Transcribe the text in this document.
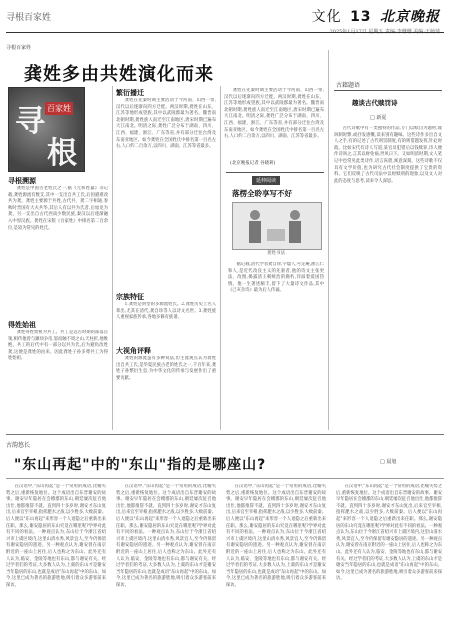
寻根百家姓	文化 13 北京晚报
2025年1月17日 星期五 责编:李珊珊 美编:王萌琦
龚姓多由共姓演化而来
寻根百家姓
寻 百家姓
根
寻根溯源

龚姓是中国古老姓氏之一,据《元和姓纂》等记载,龚姓源流有数支,其中一支出自共工氏,后因避难改共为龚。龚姓主要源于共姓,古代共、龚二字相通,春秋时晋国有大夫共华,其后人有以共为氏者,后加龙为龚。另一支出自古代西南少数民族,秦汉以后逐渐融入中原汉族。龚姓在宋版《百家姓》中排名第二百余位,是较为常见的姓氏。

得姓始祖

龚姓得姓始祖为共工。共工是远古时期的部落首领,相传他曾与颛顼争帝,怒而触不周之山,天柱折,地维绝。共工的后代中有一部分以共为氏,后为避仇改姓龚,这便是龚姓的由来。因此龚姓子孙多尊共工为得姓始祖。

繁衍播迁

龚姓在先秦时期主要活动于今河南、山西一带,汉代以后逐渐向四方迁徙。两汉时期,龚姓在山东、江苏等地形成望族,其中以武陵郡最为著名。魏晋南北朝时期,龚姓族人南迁至江南地区,唐宋时期已遍布大江南北。明清之际,龚姓广泛分布于湖南、四川、江西、福建、浙江、广东等省,并有部分迁往台湾及东南亚地区。如今龚姓在全国姓氏中排名第一百名左右,人口约二百余万,以四川、湖南、江苏等省最多。

宗族特征

1.龚姓是典型的多源流姓氏。2.龚姓历史上名人辈出,尤其在清代,龚自珍等人以诗文名世。3.龚姓族人重视家族传承,各地多修有族谱。

大视角评释

龚姓的源流虽有多种说法,但主流观点认为龚姓出自共工氏,是华夏民族古老的姓氏之一,千百年来,龚姓子孙繁衍生息,为中华文化的传承与发展作出了重要贡献。

龚姓在先秦时期主要活动于今河南、山西一带,汉代以后逐渐向四方迁徙。两汉时期,龚姓在山东、江苏等地形成望族,其中以武陵郡最为著名。魏晋南北朝时期,龚姓族人南迁至江南地区,唐宋时期已遍布大江南北。明清之际,龚姓广泛分布于湖南、四川、江西、福建、浙江、广东等省,并有部分迁往台湾及东南亚地区。如今龚姓在全国姓氏中排名第一百名左右,人口约二百余万,以四川、湖南、江苏等省最多。

(北京晚报记者 谷晓莉)
延伸阅读
落楞全聆享写不好
龚姓书法

据记载,清代学者龚自珍,字璱人,号定庵,浙江仁和人,是近代改良主义的先驱者,他的诗文主张更法、改图,揭露清王朝统治的腐朽,洋溢着爱国热情。他一生著述颇丰,留下了大量诗文作品,其中《己亥杂诗》最为后人传诵。

古籍题语
趣谈古代赎罚诗
□ 新夏

古代诗歌中有一类独特的作品,专门以赎罚为题材,或讽刺时弊,或抒发感慨,读来别有趣味。这些诗作多出自文人之手,有的记述了古代刑罚制度,有的则借题发挥,针砭时政。比如宋代有诗人写道,某官员犯错后以钱赎罪,诗人便作诗讽之,言其以财免祸,世风日下。又如明清时期,文人笔记中也常见此类诗作,语言诙谐,寓意深刻。这些诗歌不仅具有文学价值,也为研究古代社会制度提供了宝贵的资料。它们反映了古代司法中以财赎刑的现象,以及文人对此的态度与思考,读来令人深思。

古韵悠长
"东山再起"中的"东山"指的是哪座山?	□ 晨旭

在汉语中,"东山再起"是一个常用的成语,比喻失势之后,重新恢复地位。这个成语出自东晋谢安的故事。谢安早年隐居在会稽郡的东山,朝廷屡次征召他出仕,他都推辞不就。直到四十多岁时,谢安才东山复出,后来官至宰相,指挥淝水之战,以少胜多,大败前秦。后人便以"东山再起"来形容一个人退隐之后重新出来任职。那么,谢安隐居的东山究竟在哪里呢?学界对此有不同的看法。一种观点认为,东山位于今浙江省绍兴市上虞区境内,这里山清水秀,风景宜人,至今仍保留有谢安隐居的遗迹。另一种观点认为,谢安曾在南京附近的一座山上居住,后人也称之为东山。此外还有人认为,临安、金陵等地也有东山,都与谢安有关。经过学者们的考证,大多数人认为,上虞的东山才是谢安当年隐居的东山,也就是成语"东山再起"中的东山。如今,这里已成为著名的旅游胜地,吸引着众多游客前来探访。

在汉语中,"东山再起"是一个常用的成语,比喻失势之后,重新恢复地位。这个成语出自东晋谢安的故事。谢安早年隐居在会稽郡的东山,朝廷屡次征召他出仕,他都推辞不就。直到四十多岁时,谢安才东山复出,后来官至宰相,指挥淝水之战,以少胜多,大败前秦。后人便以"东山再起"来形容一个人退隐之后重新出来任职。那么,谢安隐居的东山究竟在哪里呢?学界对此有不同的看法。一种观点认为,东山位于今浙江省绍兴市上虞区境内,这里山清水秀,风景宜人,至今仍保留有谢安隐居的遗迹。另一种观点认为,谢安曾在南京附近的一座山上居住,后人也称之为东山。此外还有人认为,临安、金陵等地也有东山,都与谢安有关。经过学者们的考证,大多数人认为,上虞的东山才是谢安当年隐居的东山,也就是成语"东山再起"中的东山。如今,这里已成为著名的旅游胜地,吸引着众多游客前来探访。

在汉语中,"东山再起"是一个常用的成语,比喻失势之后,重新恢复地位。这个成语出自东晋谢安的故事。谢安早年隐居在会稽郡的东山,朝廷屡次征召他出仕,他都推辞不就。直到四十多岁时,谢安才东山复出,后来官至宰相,指挥淝水之战,以少胜多,大败前秦。后人便以"东山再起"来形容一个人退隐之后重新出来任职。那么,谢安隐居的东山究竟在哪里呢?学界对此有不同的看法。一种观点认为,东山位于今浙江省绍兴市上虞区境内,这里山清水秀,风景宜人,至今仍保留有谢安隐居的遗迹。另一种观点认为,谢安曾在南京附近的一座山上居住,后人也称之为东山。此外还有人认为,临安、金陵等地也有东山,都与谢安有关。经过学者们的考证,大多数人认为,上虞的东山才是谢安当年隐居的东山,也就是成语"东山再起"中的东山。如今,这里已成为著名的旅游胜地,吸引着众多游客前来探访。

在汉语中,"东山再起"是一个常用的成语,比喻失势之后,重新恢复地位。这个成语出自东晋谢安的故事。谢安早年隐居在会稽郡的东山,朝廷屡次征召他出仕,他都推辞不就。直到四十多岁时,谢安才东山复出,后来官至宰相,指挥淝水之战,以少胜多,大败前秦。后人便以"东山再起"来形容一个人退隐之后重新出来任职。那么,谢安隐居的东山究竟在哪里呢?学界对此有不同的看法。一种观点认为,东山位于今浙江省绍兴市上虞区境内,这里山清水秀,风景宜人,至今仍保留有谢安隐居的遗迹。另一种观点认为,谢安曾在南京附近的一座山上居住,后人也称之为东山。此外还有人认为,临安、金陵等地也有东山,都与谢安有关。经过学者们的考证,大多数人认为,上虞的东山才是谢安当年隐居的东山,也就是成语"东山再起"中的东山。如今,这里已成为著名的旅游胜地,吸引着众多游客前来探访。
